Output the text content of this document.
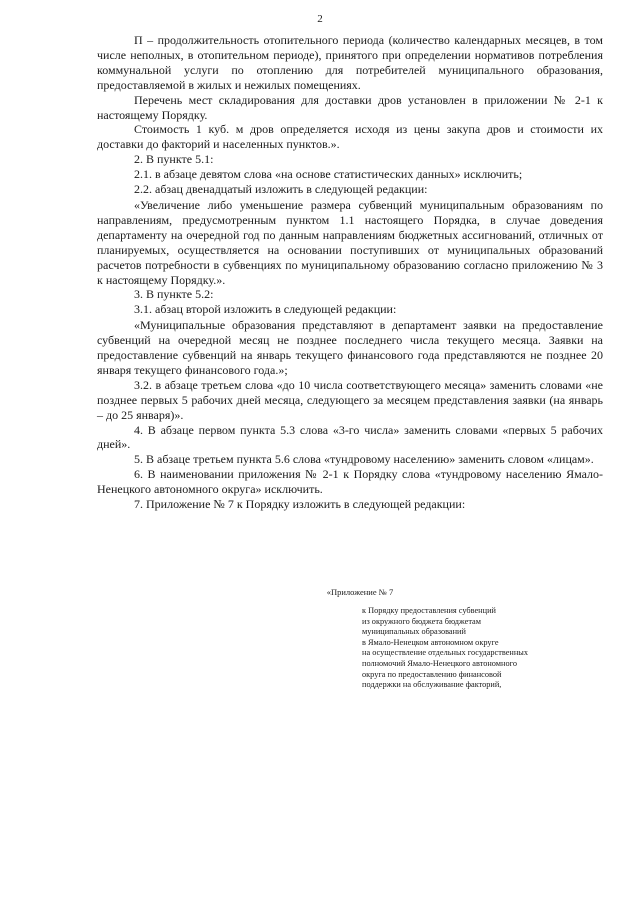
2

П – продолжительность отопительного периода (количество календарных месяцев, в том числе неполных, в отопительном периоде), принятого при определении нормативов потребления коммунальной услуги по отоплению для потребителей муниципального образования, предоставляемой в жилых и нежилых помещениях.

Перечень мест складирования для доставки дров установлен в приложении № 2-1 к настоящему Порядку.

Стоимость 1 куб. м дров определяется исходя из цены закупа дров и стоимости их доставки до факторий и населенных пунктов.».

2. В пункте 5.1:

2.1. в абзаце девятом слова «на основе статистических данных» исключить;

2.2. абзац двенадцатый изложить в следующей редакции:

«Увеличение либо уменьшение размера субвенций муниципальным образованиям по направлениям, предусмотренным пунктом 1.1 настоящего Порядка, в случае доведения департаменту на очередной год по данным направлениям бюджетных ассигнований, отличных от планируемых, осуществляется на основании поступивших от муниципальных образований расчетов потребности в субвенциях по муниципальному образованию согласно приложению № 3 к настоящему Порядку.».

3. В пункте 5.2:

3.1. абзац второй изложить в следующей редакции:

«Муниципальные образования представляют в департамент заявки на предоставление субвенций на очередной месяц не позднее последнего числа текущего месяца. Заявки на предоставление субвенций на январь текущего финансового года представляются не позднее 20 января текущего финансового года.»;

3.2. в абзаце третьем слова «до 10 числа соответствующего месяца» заменить словами «не позднее первых 5 рабочих дней месяца, следующего за месяцем представления заявки (на январь – до 25 января)».

4. В абзаце первом пункта 5.3 слова «3-го числа» заменить словами «первых 5 рабочих дней».

5. В абзаце третьем пункта 5.6 слова «тундровому населению» заменить словом «лицам».

6. В наименовании приложения № 2-1 к Порядку слова «тундровому населению Ямало-Ненецкого автономного округа» исключить.

7. Приложение № 7 к Порядку изложить в следующей редакции:

«Приложение № 7
к Порядку предоставления субвенций
из окружного бюджета бюджетам
муниципальных образований
в Ямало-Ненецком автономном округе
на осуществление отдельных государственных
полномочий Ямало-Ненецкого автономного
округа по предоставлению финансовой
поддержки на обслуживание факторий,
